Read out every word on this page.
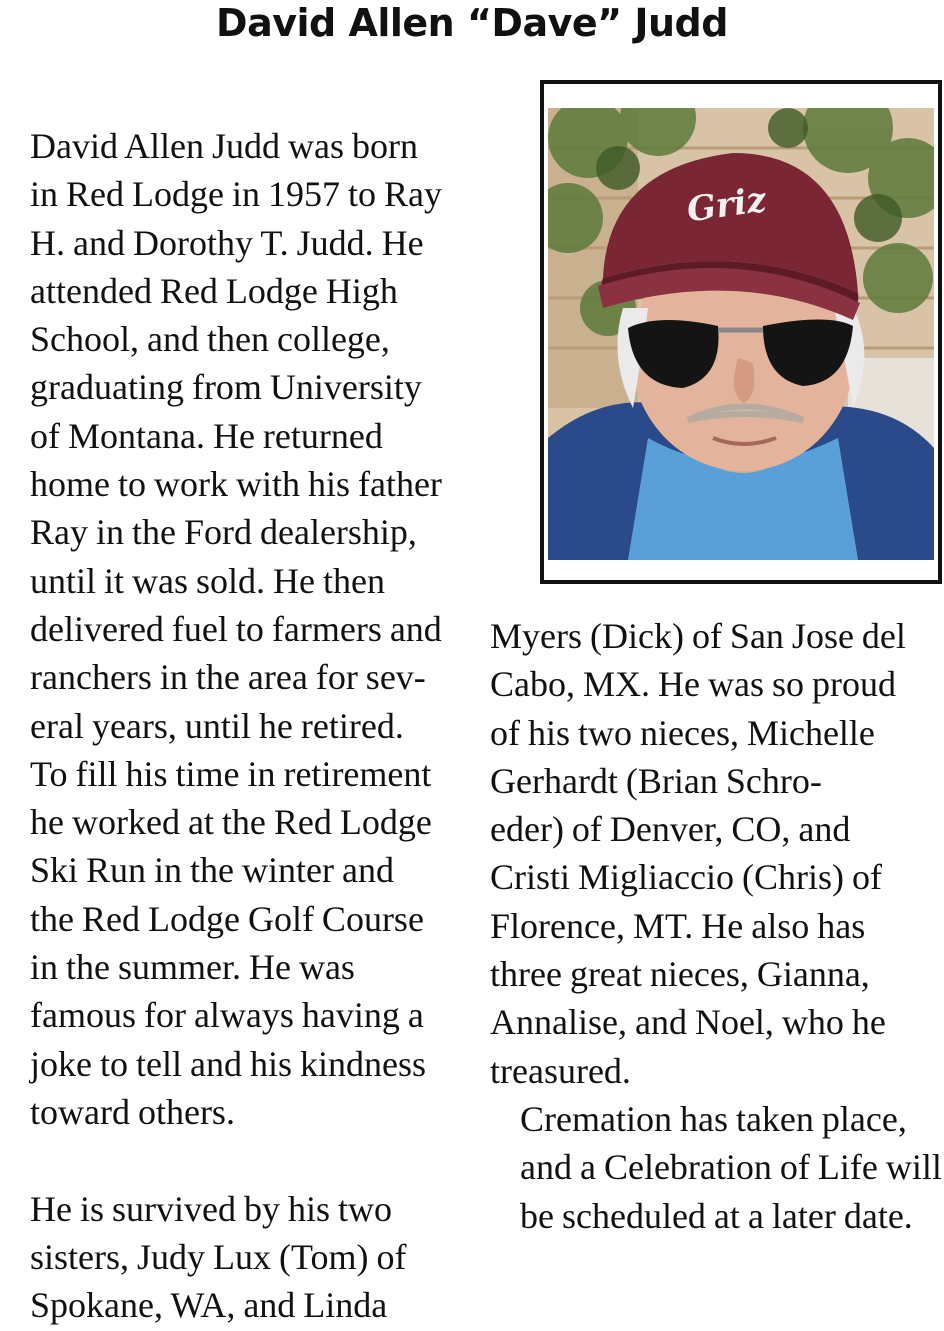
David Allen “Dave” Judd

David Allen Judd was born
in Red Lodge in 1957 to Ray
H. and Dorothy T. Judd. He
attended Red Lodge High
School, and then college,
graduating from University
of Montana. He returned
home to work with his father
Ray in the Ford dealership,
until it was sold. He then
delivered fuel to farmers and
ranchers in the area for sev-
eral years, until he retired.
To fill his time in retirement
he worked at the Red Lodge
Ski Run in the winter and
the Red Lodge Golf Course
in the summer. He was
famous for always having a
joke to tell and his kindness
toward others.

He is survived by his two
sisters, Judy Lux (Tom) of
Spokane, WA, and Linda

Griz

Myers (Dick) of San Jose del
Cabo, MX. He was so proud
of his two nieces, Michelle
Gerhardt (Brian Schro-
eder) of Denver, CO, and
Cristi Migliaccio (Chris) of
Florence, MT. He also has
three great nieces, Gianna,
Annalise, and Noel, who he
treasured.

Cremation has taken place,
and a Celebration of Life will
be scheduled at a later date.
